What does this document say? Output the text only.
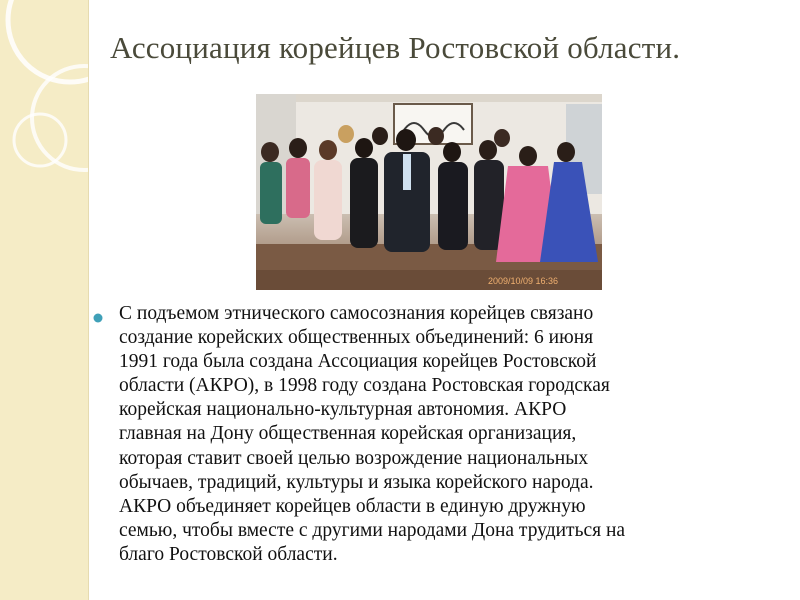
Ассоциация корейцев Ростовской области.
2009/10/09 16:36
С подъемом этнического самосознания корейцев связано
создание корейских общественных объединений: 6 июня
1991 года была создана Ассоциация корейцев Ростовской
области (АКРО), в 1998 году создана Ростовская городская
корейская национально-культурная автономия. АКРО
главная на Дону общественная корейская организация,
которая ставит своей целью возрождение национальных
обычаев, традиций, культуры и языка корейского народа.
АКРО объединяет корейцев области в единую дружную
семью, чтобы вместе с другими народами Дона трудиться на
благо Ростовской области.
